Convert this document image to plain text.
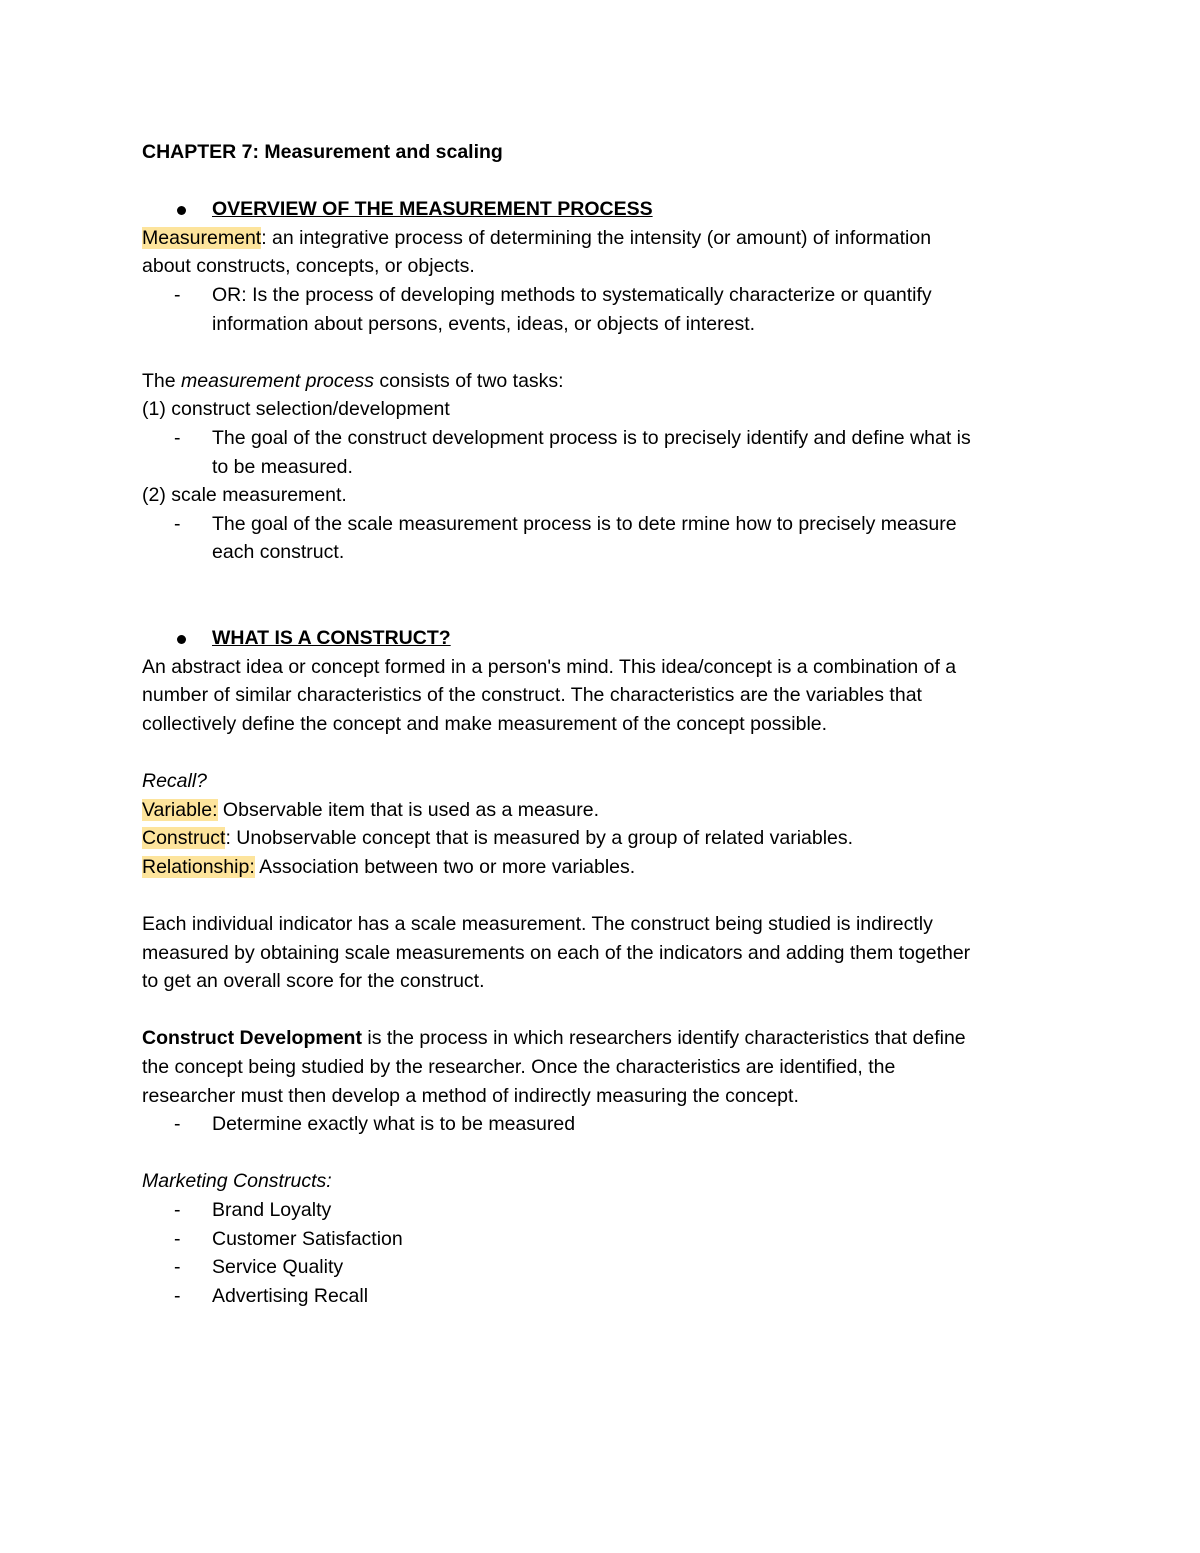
CHAPTER 7: Measurement and scaling
OVERVIEW OF THE MEASUREMENT PROCESS
Measurement: an integrative process of determining the intensity (or amount) of information
about constructs, concepts, or objects.
- OR: Is the process of developing methods to systematically characterize or quantify
information about persons, events, ideas, or objects of interest.
The measurement process consists of two tasks:
(1) construct selection/development
- The goal of the construct development process is to precisely identify and define what is
to be measured.
(2) scale measurement.
- The goal of the scale measurement process is to dete rmine how to precisely measure
each construct.
WHAT IS A CONSTRUCT?
An abstract idea or concept formed in a person's mind. This idea/concept is a combination of a
number of similar characteristics of the construct. The characteristics are the variables that
collectively define the concept and make measurement of the concept possible.
Recall?
Variable: Observable item that is used as a measure.
Construct: Unobservable concept that is measured by a group of related variables.
Relationship: Association between two or more variables.
Each individual indicator has a scale measurement. The construct being studied is indirectly
measured by obtaining scale measurements on each of the indicators and adding them together
to get an overall score for the construct.
Construct Development is the process in which researchers identify characteristics that define
the concept being studied by the researcher. Once the characteristics are identified, the
researcher must then develop a method of indirectly measuring the concept.
- Determine exactly what is to be measured
Marketing Constructs:
- Brand Loyalty
- Customer Satisfaction
- Service Quality
- Advertising Recall
